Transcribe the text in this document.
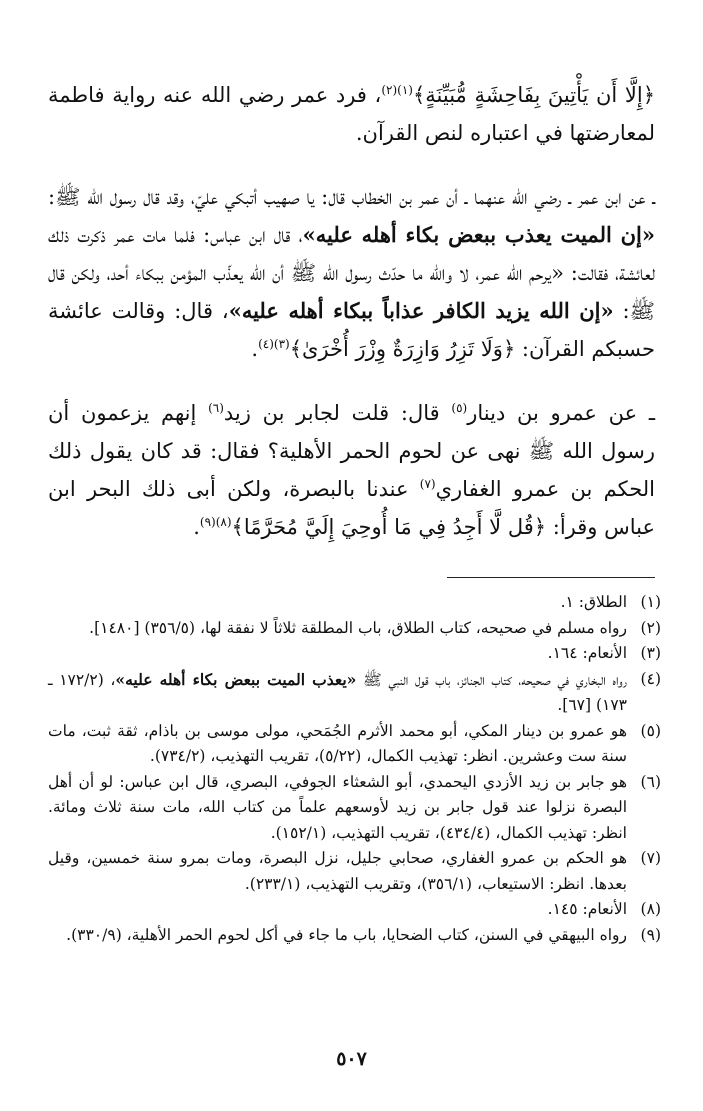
﴿إِلَّا أَن يَأْتِينَ بِفَاحِشَةٍ مُّبَيِّنَةٍ﴾$^{(١)(٢)}$، فرد عمر رضي الله عنه رواية فاطمة لمعارضتها في اعتباره لنص القرآن.

ـ عن ابن عمر ـ رضي الله عنهما ـ أن عمر بن الخطاب قال: يا صهيب أتبكي عليّ، وقد قال رسول الله ﷺ: «إن الميت يعذب ببعض بكاء أهله عليه»، قال ابن عباس: فلما مات عمر ذكرت ذلك لعائشة، فقالت: «يرحم الله عمر، لا والله ما حدّث رسول الله ﷺ أن الله يعذّب المؤمن ببكاء أحد، ولكن قال ﷺ: «إن الله يزيد الكافر عذاباً ببكاء أهله عليه»، قال: وقالت عائشة حسبكم القرآن: ﴿وَلَا تَزِرُ وَازِرَةٌ وِزْرَ أُخْرَىٰ﴾$^{(٣)(٤)}$.

ـ عن عمرو بن دينار$^{(٥)}$ قال: قلت لجابر بن زيد$^{(٦)}$ إنهم يزعمون أن رسول الله ﷺ نهى عن لحوم الحمر الأهلية؟ فقال: قد كان يقول ذلك الحكم بن عمرو الغفاري$^{(٧)}$ عندنا بالبصرة، ولكن أبى ذلك البحر ابن عباس وقرأ: ﴿قُل لَّا أَجِدُ فِي مَا أُوحِيَ إِلَيَّ مُحَرَّمًا﴾$^{(٨)(٩)}$.

(١)
الطلاق: ١.
(٢)
رواه مسلم في صحيحه، كتاب الطلاق، باب المطلقة ثلاثاً لا نفقة لها، (٣٥٦/٥) [١٤٨٠].
(٣)
الأنعام: ١٦٤.
(٤)
رواه البخاري في صحيحه، كتاب الجنائز، باب قول النبي ﷺ «يعذب الميت ببعض بكاء أهله عليه»، (١٧٢/٢ ـ ١٧٣) [٦٧].
(٥)
هو عمرو بن دينار المكي، أبو محمد الأثرم الجُمَحي، مولى موسى بن باذام، ثقة ثبت، مات سنة ست وعشرين. انظر: تهذيب الكمال، (٥/٢٢)، تقريب التهذيب، (٧٣٤/٢).
(٦)
هو جابر بن زيد الأزدي اليحمدي، أبو الشعثاء الجوفي، البصري، قال ابن عباس: لو أن أهل البصرة نزلوا عند قول جابر بن زيد لأوسعهم علماً من كتاب الله، مات سنة ثلاث ومائة. انظر: تهذيب الكمال، (٤٣٤/٤)، تقريب التهذيب، (١٥٢/١).
(٧)
هو الحكم بن عمرو الغفاري، صحابي جليل، نزل البصرة، ومات بمرو سنة خمسين، وقيل بعدها. انظر: الاستيعاب، (٣٥٦/١)، وتقريب التهذيب، (٢٣٣/١).
(٨)
الأنعام: ١٤٥.
(٩)
رواه البيهقي في السنن، كتاب الضحايا، باب ما جاء في أكل لحوم الحمر الأهلية، (٣٣٠/٩).
٥٠٧
